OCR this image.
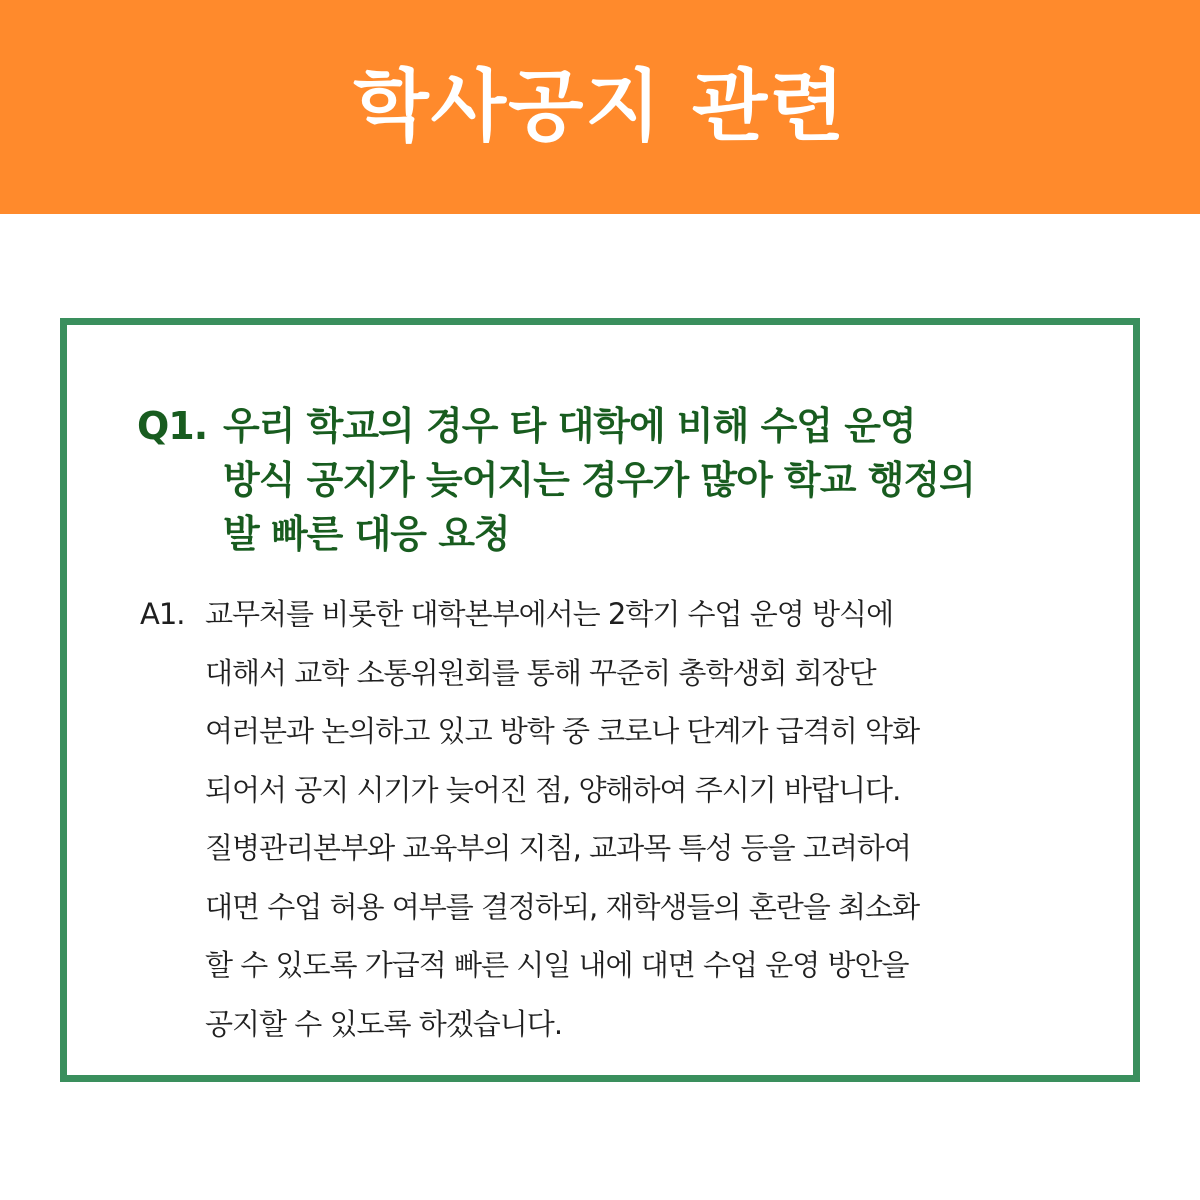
학사공지 관련
Q1. 우리 학교의 경우 타 대학에 비해 수업 운영
방식 공지가 늦어지는 경우가 많아 학교 행정의
발 빠른 대응 요청
A1. 교무처를 비롯한 대학본부에서는 2학기 수업 운영 방식에
대해서 교학 소통위원회를 통해 꾸준히 총학생회 회장단
여러분과 논의하고 있고 방학 중 코로나 단계가 급격히 악화
되어서 공지 시기가 늦어진 점, 양해하여 주시기 바랍니다.
질병관리본부와 교육부의 지침, 교과목 특성 등을 고려하여
대면 수업 허용 여부를 결정하되, 재학생들의 혼란을 최소화
할 수 있도록 가급적 빠른 시일 내에 대면 수업 운영 방안을
공지할 수 있도록 하겠습니다.
